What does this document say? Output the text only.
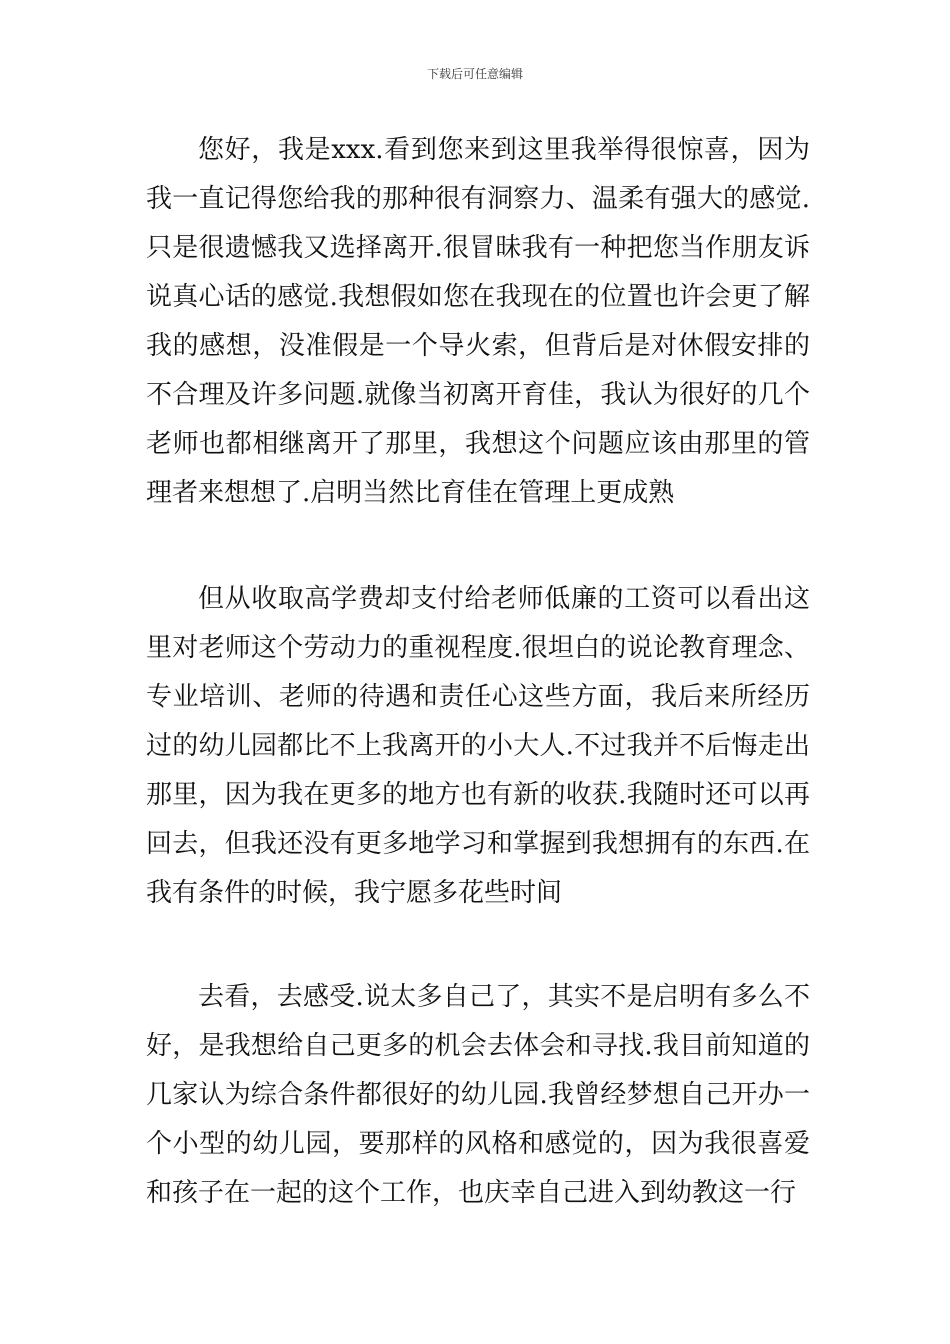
下载后可任意编辑

您好，我是xxx.看到您来到这里我举得很惊喜，因为我一直记得您给我的那种很有洞察力、温柔有强大的感觉.只是很遗憾我又选择离开.很冒昧我有一种把您当作朋友诉说真心话的感觉.我想假如您在我现在的位置也许会更了解我的感想，没准假是一个导火索，但背后是对休假安排的不合理及许多问题.就像当初离开育佳，我认为很好的几个老师也都相继离开了那里，我想这个问题应该由那里的管理者来想想了.启明当然比育佳在管理上更成熟

但从收取高学费却支付给老师低廉的工资可以看出这里对老师这个劳动力的重视程度.很坦白的说论教育理念、专业培训、老师的待遇和责任心这些方面，我后来所经历过的幼儿园都比不上我离开的小大人.不过我并不后悔走出那里，因为我在更多的地方也有新的收获.我随时还可以再回去，但我还没有更多地学习和掌握到我想拥有的东西.在我有条件的时候，我宁愿多花些时间

去看，去感受.说太多自己了，其实不是启明有多么不好，是我想给自己更多的机会去体会和寻找.我目前知道的几家认为综合条件都很好的幼儿园.我曾经梦想自己开办一个小型的幼儿园，要那样的风格和感觉的，因为我很喜爱和孩子在一起的这个工作，也庆幸自己进入到幼教这一行
